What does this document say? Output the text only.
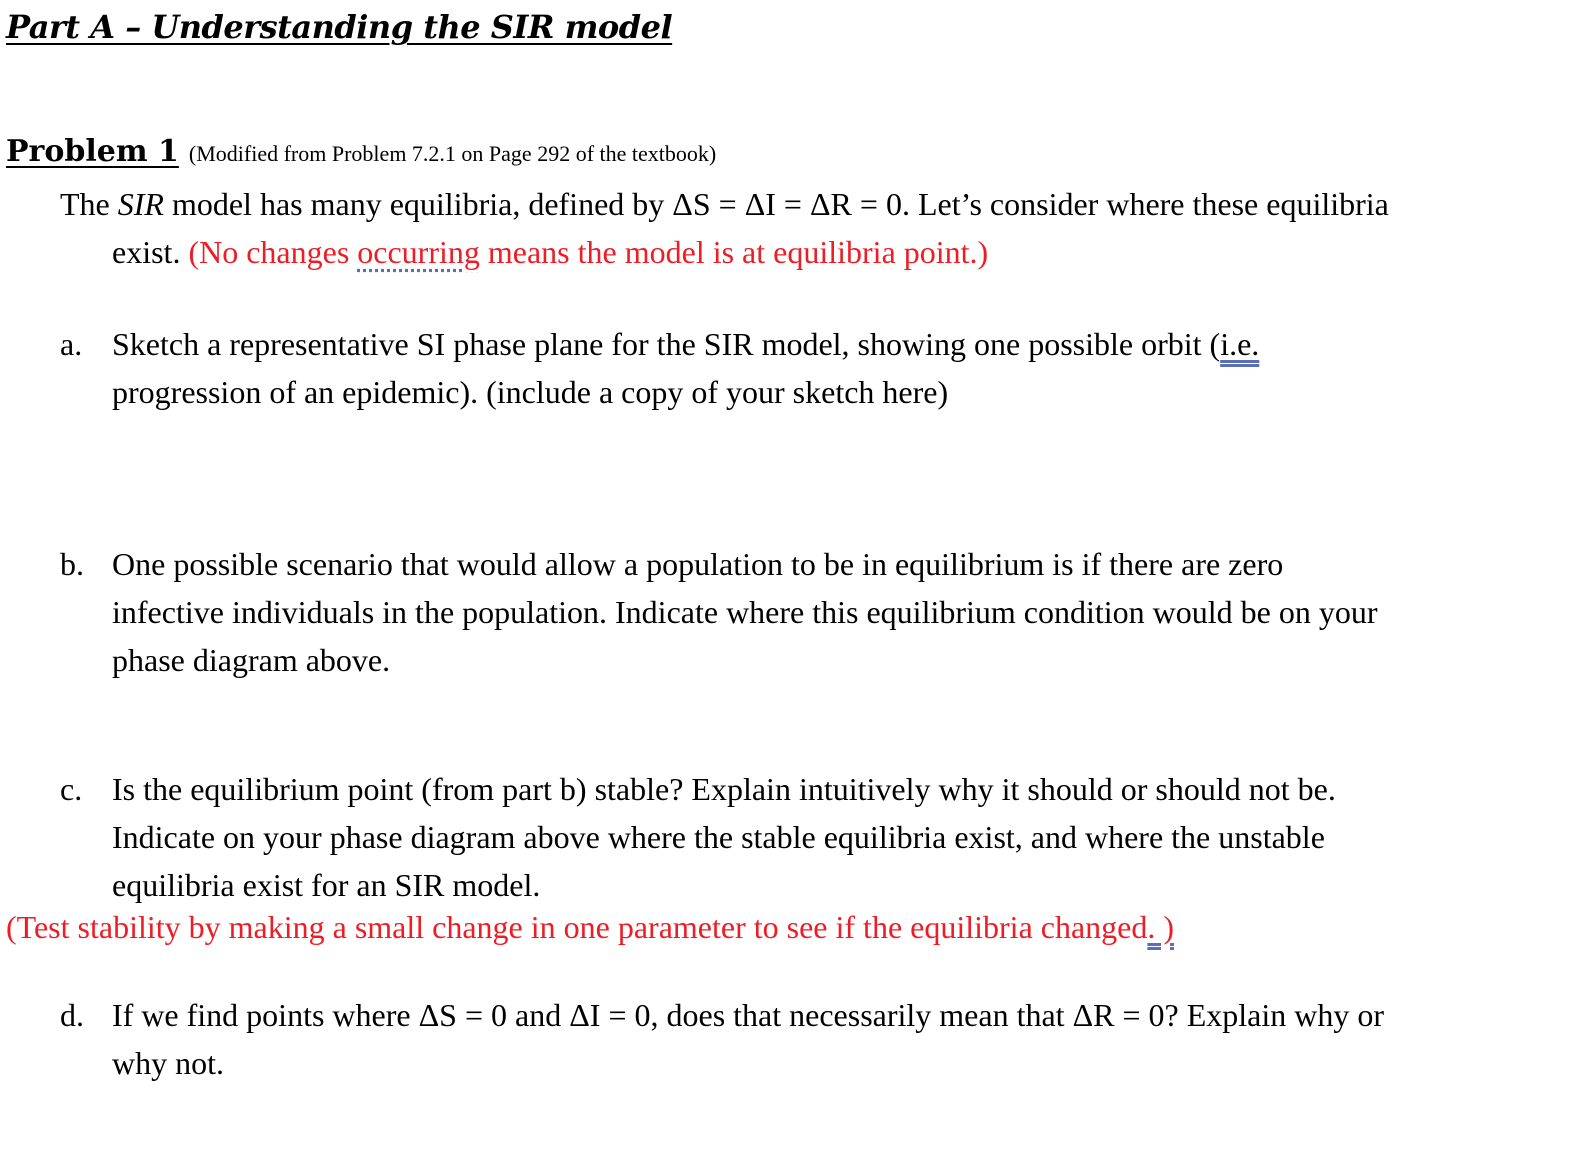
Part A – Understanding the SIR model
Problem 1 (Modified from Problem 7.2.1 on Page 292 of the textbook)
The SIR model has many equilibria, defined by ΔS = ΔI = ΔR = 0. Let’s consider where these equilibria
exist. (No changes occurring means the model is at equilibria point.)
a. Sketch a representative SI phase plane for the SIR model, showing one possible orbit (i.e.
progression of an epidemic). (include a copy of your sketch here)
b. One possible scenario that would allow a population to be in equilibrium is if there are zero
infective individuals in the population. Indicate where this equilibrium condition would be on your
phase diagram above.
c. Is the equilibrium point (from part b) stable? Explain intuitively why it should or should not be.
Indicate on your phase diagram above where the stable equilibria exist, and where the unstable
equilibria exist for an SIR model.
(Test stability by making a small change in one parameter to see if the equilibria changed. )
d. If we find points where ΔS = 0 and ΔI = 0, does that necessarily mean that ΔR = 0? Explain why or
why not.
